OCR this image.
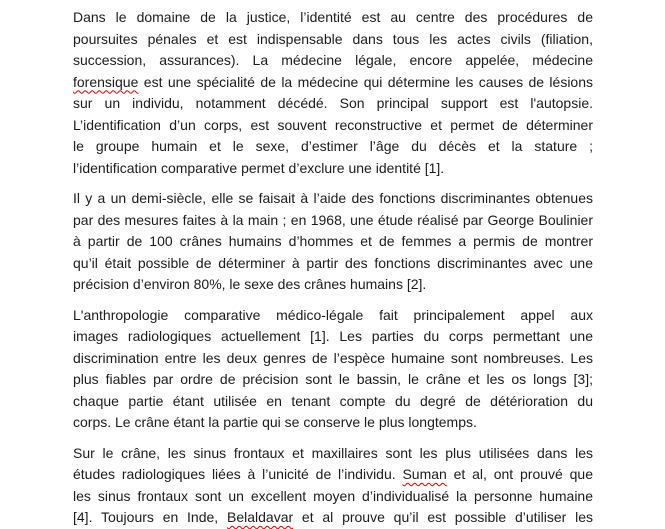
Dans le domaine de la justice, l’identité est au centre des procédures de
poursuites pénales et est indispensable dans tous les actes civils (filiation,
succession, assurances). La médecine légale, encore appelée, médecine
forensique est une spécialité de la médecine qui détermine les causes de lésions
sur un individu, notamment décédé. Son principal support est l'autopsie.
L’identification d’un corps, est souvent reconstructive et permet de déterminer
le groupe humain et le sexe, d’estimer l’âge du décès et la stature ;
l’identification comparative permet d’exclure une identité [1].
Il y a un demi-siècle, elle se faisait à l’aide des fonctions discriminantes obtenues
par des mesures faites à la main ; en 1968, une étude réalisé par George Boulinier
à partir de 100 crânes humains d’hommes et de femmes a permis de montrer
qu’il était possible de déterminer à partir des fonctions discriminantes avec une
précision d’environ 80%, le sexe des crânes humains [2].
L'anthropologie comparative médico-légale fait principalement appel aux
images radiologiques actuellement [1]. Les parties du corps permettant une
discrimination entre les deux genres de l’espèce humaine sont nombreuses. Les
plus fiables par ordre de précision sont le bassin, le crâne et les os longs [3];
chaque partie étant utilisée en tenant compte du degré de détérioration du
corps. Le crâne étant la partie qui se conserve le plus longtemps.
Sur le crâne, les sinus frontaux et maxillaires sont les plus utilisées dans les
études radiologiques liées à l’unicité de l’individu. Suman et al, ont prouvé que
les sinus frontaux sont un excellent moyen d’individualisé la personne humaine
[4]. Toujours en Inde, Belaldavar et al prouve qu’il est possible d’utiliser les
